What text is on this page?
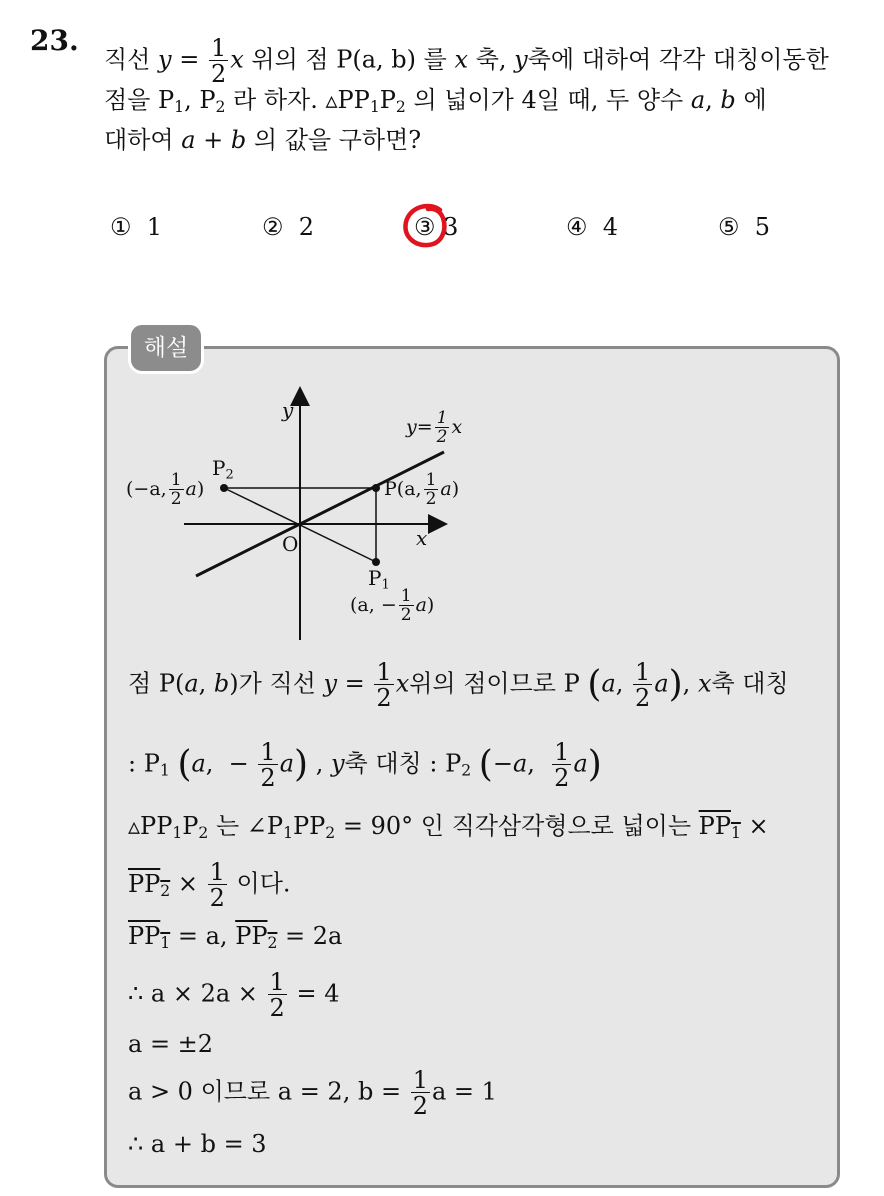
23.
직선 $y = \frac{1}{2}$ x 위의 점 P(a, b) 를 x 축, y축에 대하여 각각 대칭이동한
점을 $P_1$, $P_2$ 라 하자. $▵PP_1P_2$ 의 넓이가 4일 때, 두 양수 a, b 에
대하여 a + b 의 값을 구하면?
① 1	② 2	③ 3	④ 4	⑤ 5
해설
y
x
O
$y= \frac{1}{2}$ x
$P_2$
(−a, $\frac{1}{2} a$)	P(a, $\frac{1}{2} a$)
$P_1$
(a, − $\frac{1}{2} a$)
점 P(a, b)가 직선 $y = \frac{1}{2}$ x위의 점이므로 P (a, $\frac{1}{2} a$), x축 대칭
: $P_1$ (a,  − $\frac{1}{2} a$) , y축 대칭 : $P_2$ (−a, $\frac{1}{2} a$)
$▵PP_1P_2$ 는 $\angle P_1PP_2 = 90^\circ$ 인 직각삼각형으로 넓이는 $PP_1$ ×
$PP_2 \times \frac{1}{2}$ 이다.
$PP_1 = a$, $PP_2 = 2a$
∴ $a \times 2a \times \frac{1}{2} = 4$
a = ±2
a > 0 이므로 a = 2, $b = \frac{1}{2}$ a = 1
∴ a + b = 3
